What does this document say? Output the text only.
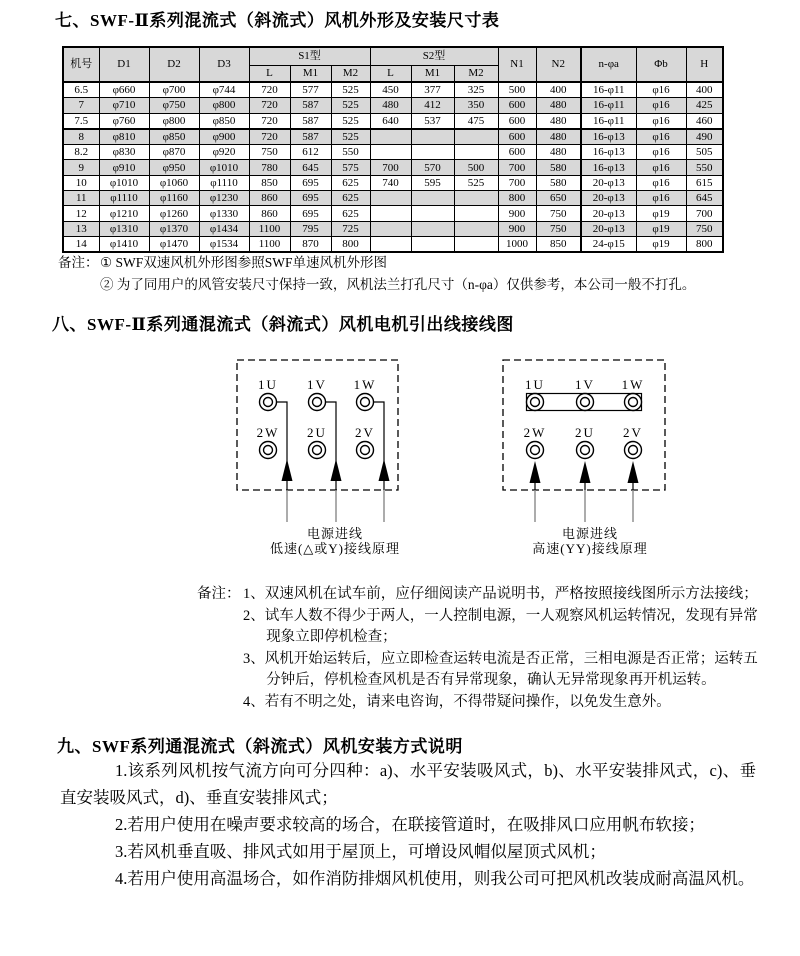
七、SWF-Ⅱ系列混流式（斜流式）风机外形及安装尺寸表
机号	D1	D2	D3	S1型			S2型			N1	N2	n-φa	Φb	H
				L	M1	M2	L	M1	M2					
6.5	φ660	φ700	φ744	720	577	525	450	377	325	500	400	16-φ11	φ16	400
7	φ710	φ750	φ800	720	587	525	480	412	350	600	480	16-φ11	φ16	425
7.5	φ760	φ800	φ850	720	587	525	640	537	475	600	480	16-φ11	φ16	460
8	φ810	φ850	φ900	720	587	525				600	480	16-φ13	φ16	490
8.2	φ830	φ870	φ920	750	612	550				600	480	16-φ13	φ16	505
9	φ910	φ950	φ1010	780	645	575	700	570	500	700	580	16-φ13	φ16	550
10	φ1010	φ1060	φ1110	850	695	625	740	595	525	700	580	20-φ13	φ16	615
11	φ1110	φ1160	φ1230	860	695	625				800	650	20-φ13	φ16	645
12	φ1210	φ1260	φ1330	860	695	625				900	750	20-φ13	φ19	700
13	φ1310	φ1370	φ1434	1100	795	725				900	750	20-φ13	φ19	750
14	φ1410	φ1470	φ1534	1100	870	800				1000	850	24-φ15	φ19	800
备注： ① SWF双速风机外形图参照SWF单速风机外形图
② 为了同用户的风管安装尺寸保持一致，风机法兰打孔尺寸（n-φa）仅供参考，本公司一般不打孔。
八、SWF-Ⅱ系列通混流式（斜流式）风机电机引出线接线图
1U 1V 1W
2W 2U 2V
1U 1V 1W
2W 2U 2V
电源进线
低速(△或Y)接线原理
电源进线
高速(YY)接线原理
备注： 1、双速风机在试车前，应仔细阅读产品说明书，严格按照接线图所示方法接线；
2、试车人数不得少于两人，一人控制电源，一人观察风机运转情况，发现有异常现象立即停机检查；
3、风机开始运转后，应立即检查运转电流是否正常，三相电源是否正常；运转五分钟后，停机检查风机是否有异常现象，确认无异常现象再开机运转。
4、若有不明之处，请来电咨询，不得带疑问操作，以免发生意外。
九、SWF系列通混流式（斜流式）风机安装方式说明

1.该系列风机按气流方向可分四种：a)、水平安装吸风式，b)、水平安装排风式，c)、垂直安装吸风式，d)、垂直安装排风式；

2.若用户使用在噪声要求较高的场合，在联接管道时，在吸排风口应用帆布软接；

3.若风机垂直吸、排风式如用于屋顶上，可增设风帽似屋顶式风机；

4.若用户使用高温场合，如作消防排烟风机使用，则我公司可把风机改装成耐高温风机。
